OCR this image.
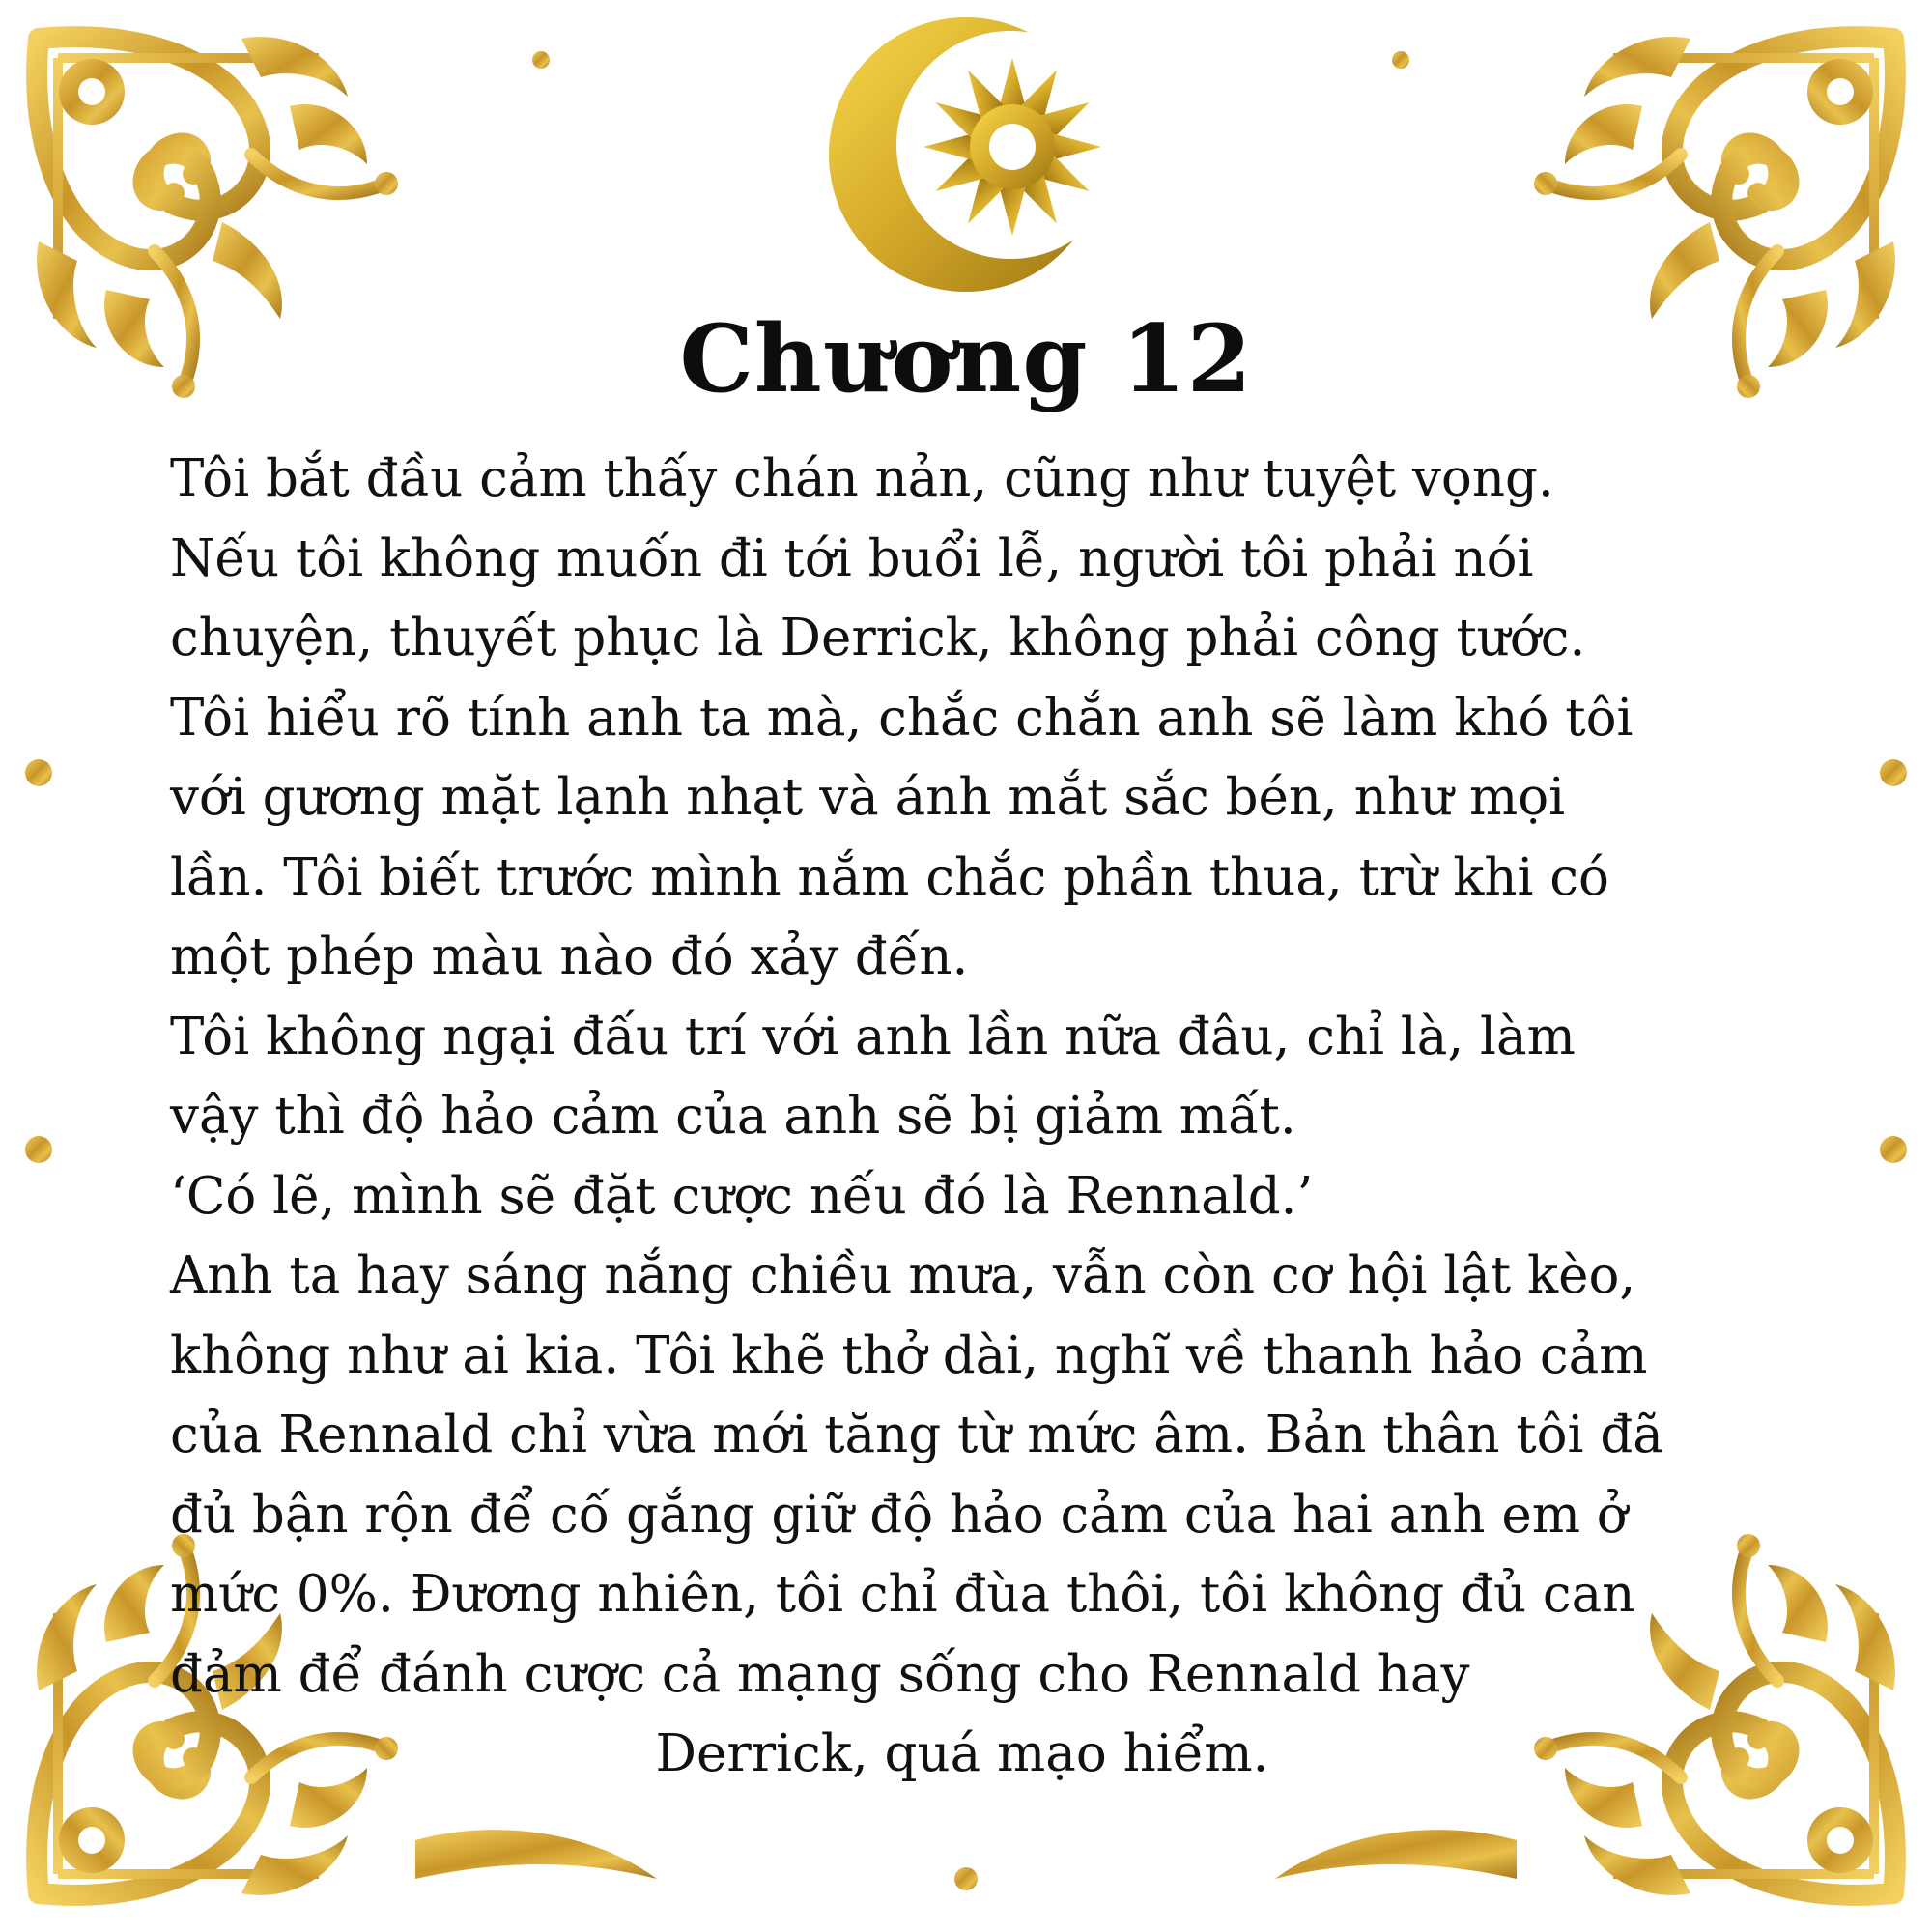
Chương 12
Tôi bắt đầu cảm thấy chán nản, cũng như tuyệt vọng.
Nếu tôi không muốn đi tới buổi lễ, người tôi phải nói
chuyện, thuyết phục là Derrick, không phải công tước.
Tôi hiểu rõ tính anh ta mà, chắc chắn anh sẽ làm khó tôi
với gương mặt lạnh nhạt và ánh mắt sắc bén, như mọi
lần. Tôi biết trước mình nắm chắc phần thua, trừ khi có
một phép màu nào đó xảy đến.
Tôi không ngại đấu trí với anh lần nữa đâu, chỉ là, làm
vậy thì độ hảo cảm của anh sẽ bị giảm mất.
‘Có lẽ, mình sẽ đặt cược nếu đó là Rennald.’
Anh ta hay sáng nắng chiều mưa, vẫn còn cơ hội lật kèo,
không như ai kia. Tôi khẽ thở dài, nghĩ về thanh hảo cảm
của Rennald chỉ vừa mới tăng từ mức âm. Bản thân tôi đã
đủ bận rộn để cố gắng giữ độ hảo cảm của hai anh em ở
mức 0%. Đương nhiên, tôi chỉ đùa thôi, tôi không đủ can
đảm để đánh cược cả mạng sống cho Rennald hay
Derrick, quá mạo hiểm.
